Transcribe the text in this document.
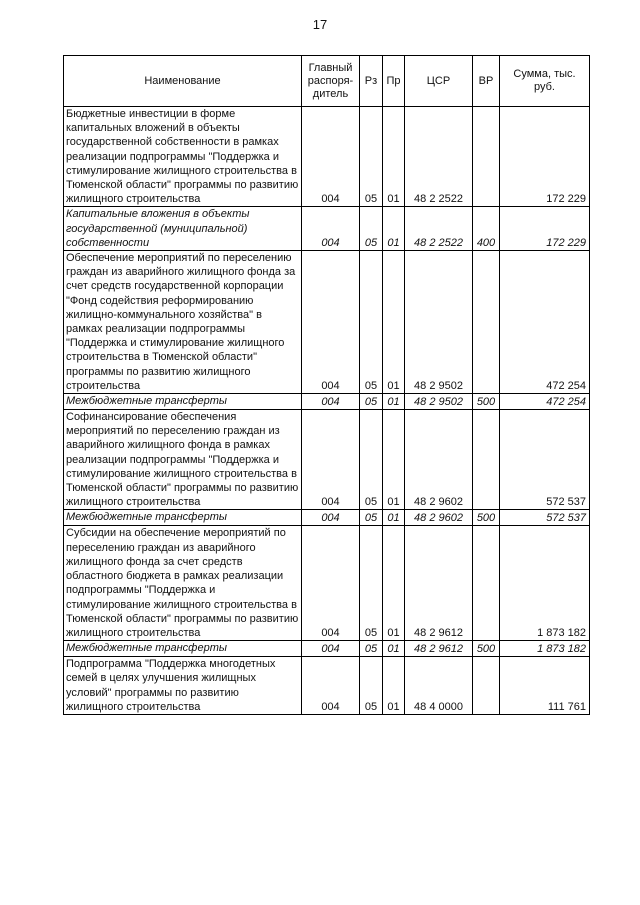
17
Наименование	Главный распоря-дитель	Рз	Пр	ЦСР	ВР	Сумма, тыс. руб.
Бюджетные инвестиции в форме капитальных вложений в объекты государственной собственности в рамках реализации подпрограммы "Поддержка и стимулирование жилищного строительства в Тюменской области" программы по развитию жилищного строительства	004	05	01	48 2 2522		172 229
Капитальные вложения в объекты государственной (муниципальной) собственности	004	05	01	48 2 2522	400	172 229
Обеспечение мероприятий по переселению граждан из аварийного жилищного фонда за счет средств государственной корпорации "Фонд содействия реформированию жилищно-коммунального хозяйства" в рамках реализации подпрограммы "Поддержка и стимулирование жилищного строительства в Тюменской области" программы по развитию жилищного строительства	004	05	01	48 2 9502		472 254
Межбюджетные трансферты	004	05	01	48 2 9502	500	472 254
Софинансирование обеспечения мероприятий по переселению граждан из аварийного жилищного фонда в рамках реализации подпрограммы "Поддержка и стимулирование жилищного строительства в Тюменской области" программы по развитию жилищного строительства	004	05	01	48 2 9602		572 537
Межбюджетные трансферты	004	05	01	48 2 9602	500	572 537
Субсидии на обеспечение мероприятий по переселению граждан из аварийного жилищного фонда за счет средств областного бюджета в рамках реализации подпрограммы "Поддержка и стимулирование жилищного строительства в Тюменской области" программы по развитию жилищного строительства	004	05	01	48 2 9612		1 873 182
Межбюджетные трансферты	004	05	01	48 2 9612	500	1 873 182
Подпрограмма "Поддержка многодетных семей в целях улучшения жилищных условий" программы по развитию жилищного строительства	004	05	01	48 4 0000		111 761
